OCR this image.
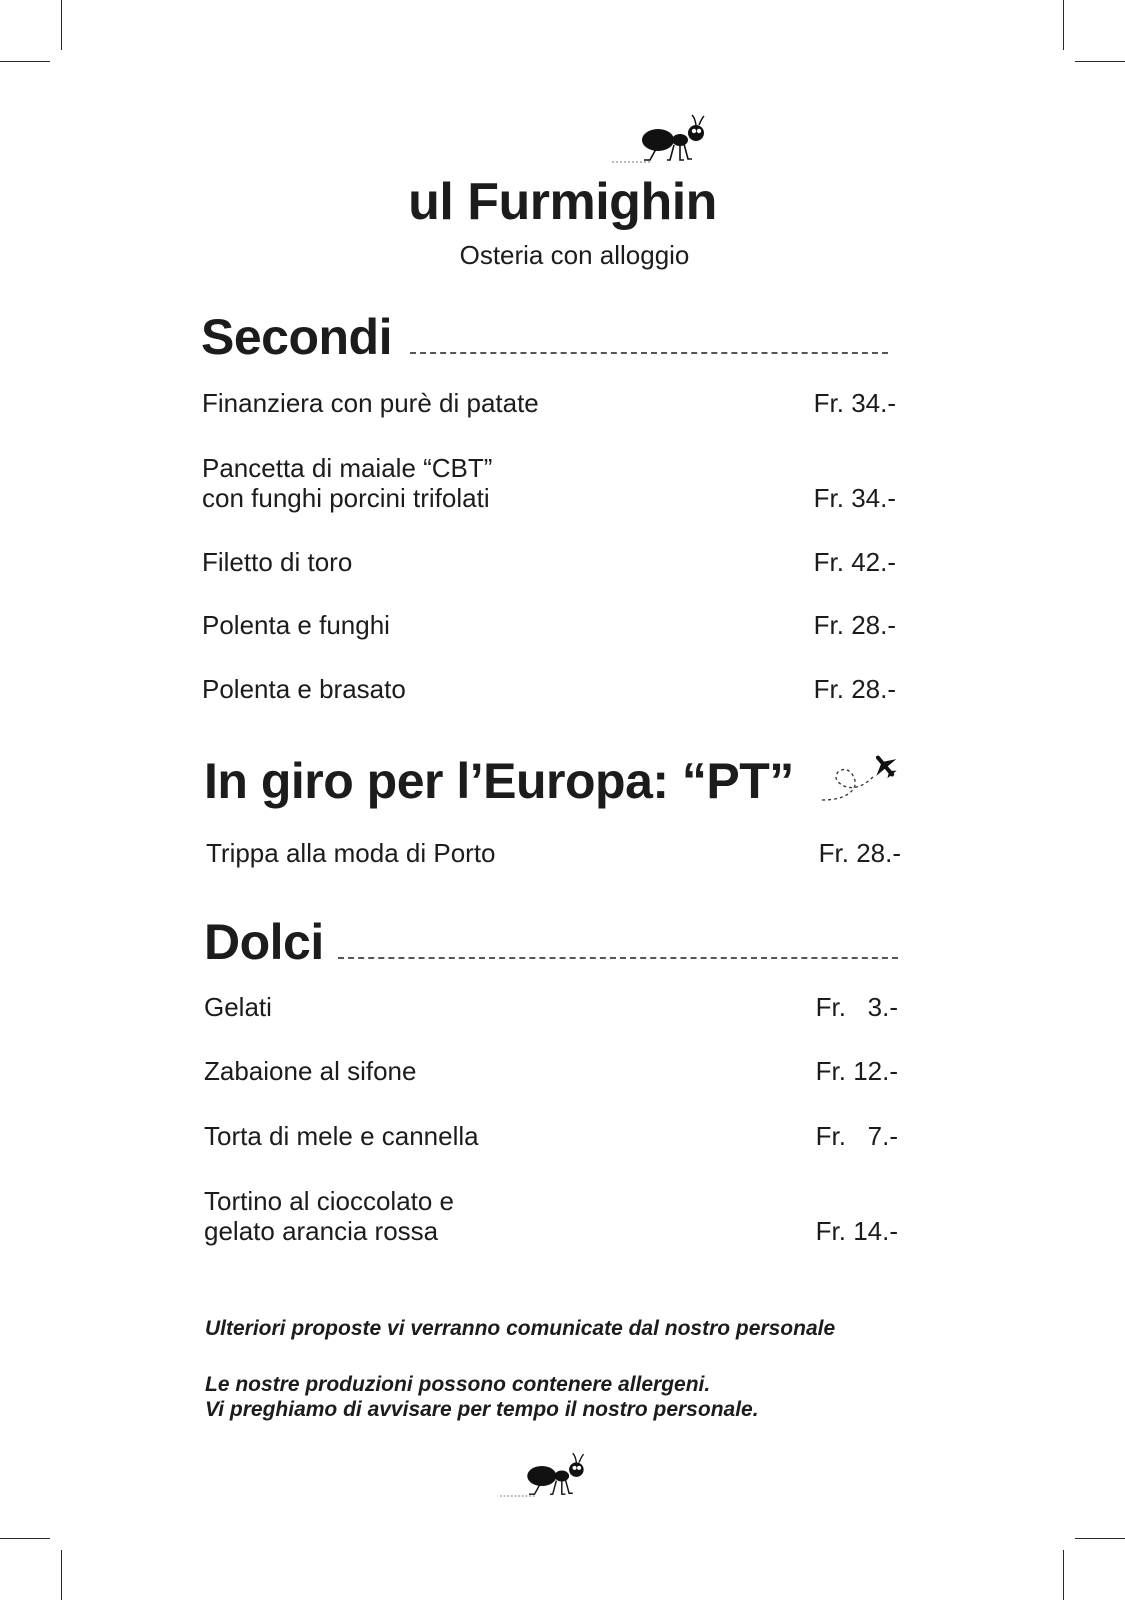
ul Furmighin
Osteria con alloggio
Secondi
Finanziera con purè di patate	Fr. 34.-
Pancetta di maiale “CBT”
con funghi porcini trifolati	Fr. 34.-
Filetto di toro	Fr. 42.-
Polenta e funghi	Fr. 28.-
Polenta e brasato	Fr. 28.-
In giro per l’Europa: “PT”
Trippa alla moda di Porto	Fr. 28.-
Dolci
Gelati	Fr.   3.-
Zabaione al sifone	Fr. 12.-
Torta di mele e cannella	Fr.   7.-
Tortino al cioccolato e
gelato arancia rossa	Fr. 14.-
Ulteriori proposte vi verranno comunicate dal nostro personale
Le nostre produzioni possono contenere allergeni.
Vi preghiamo di avvisare per tempo il nostro personale.
